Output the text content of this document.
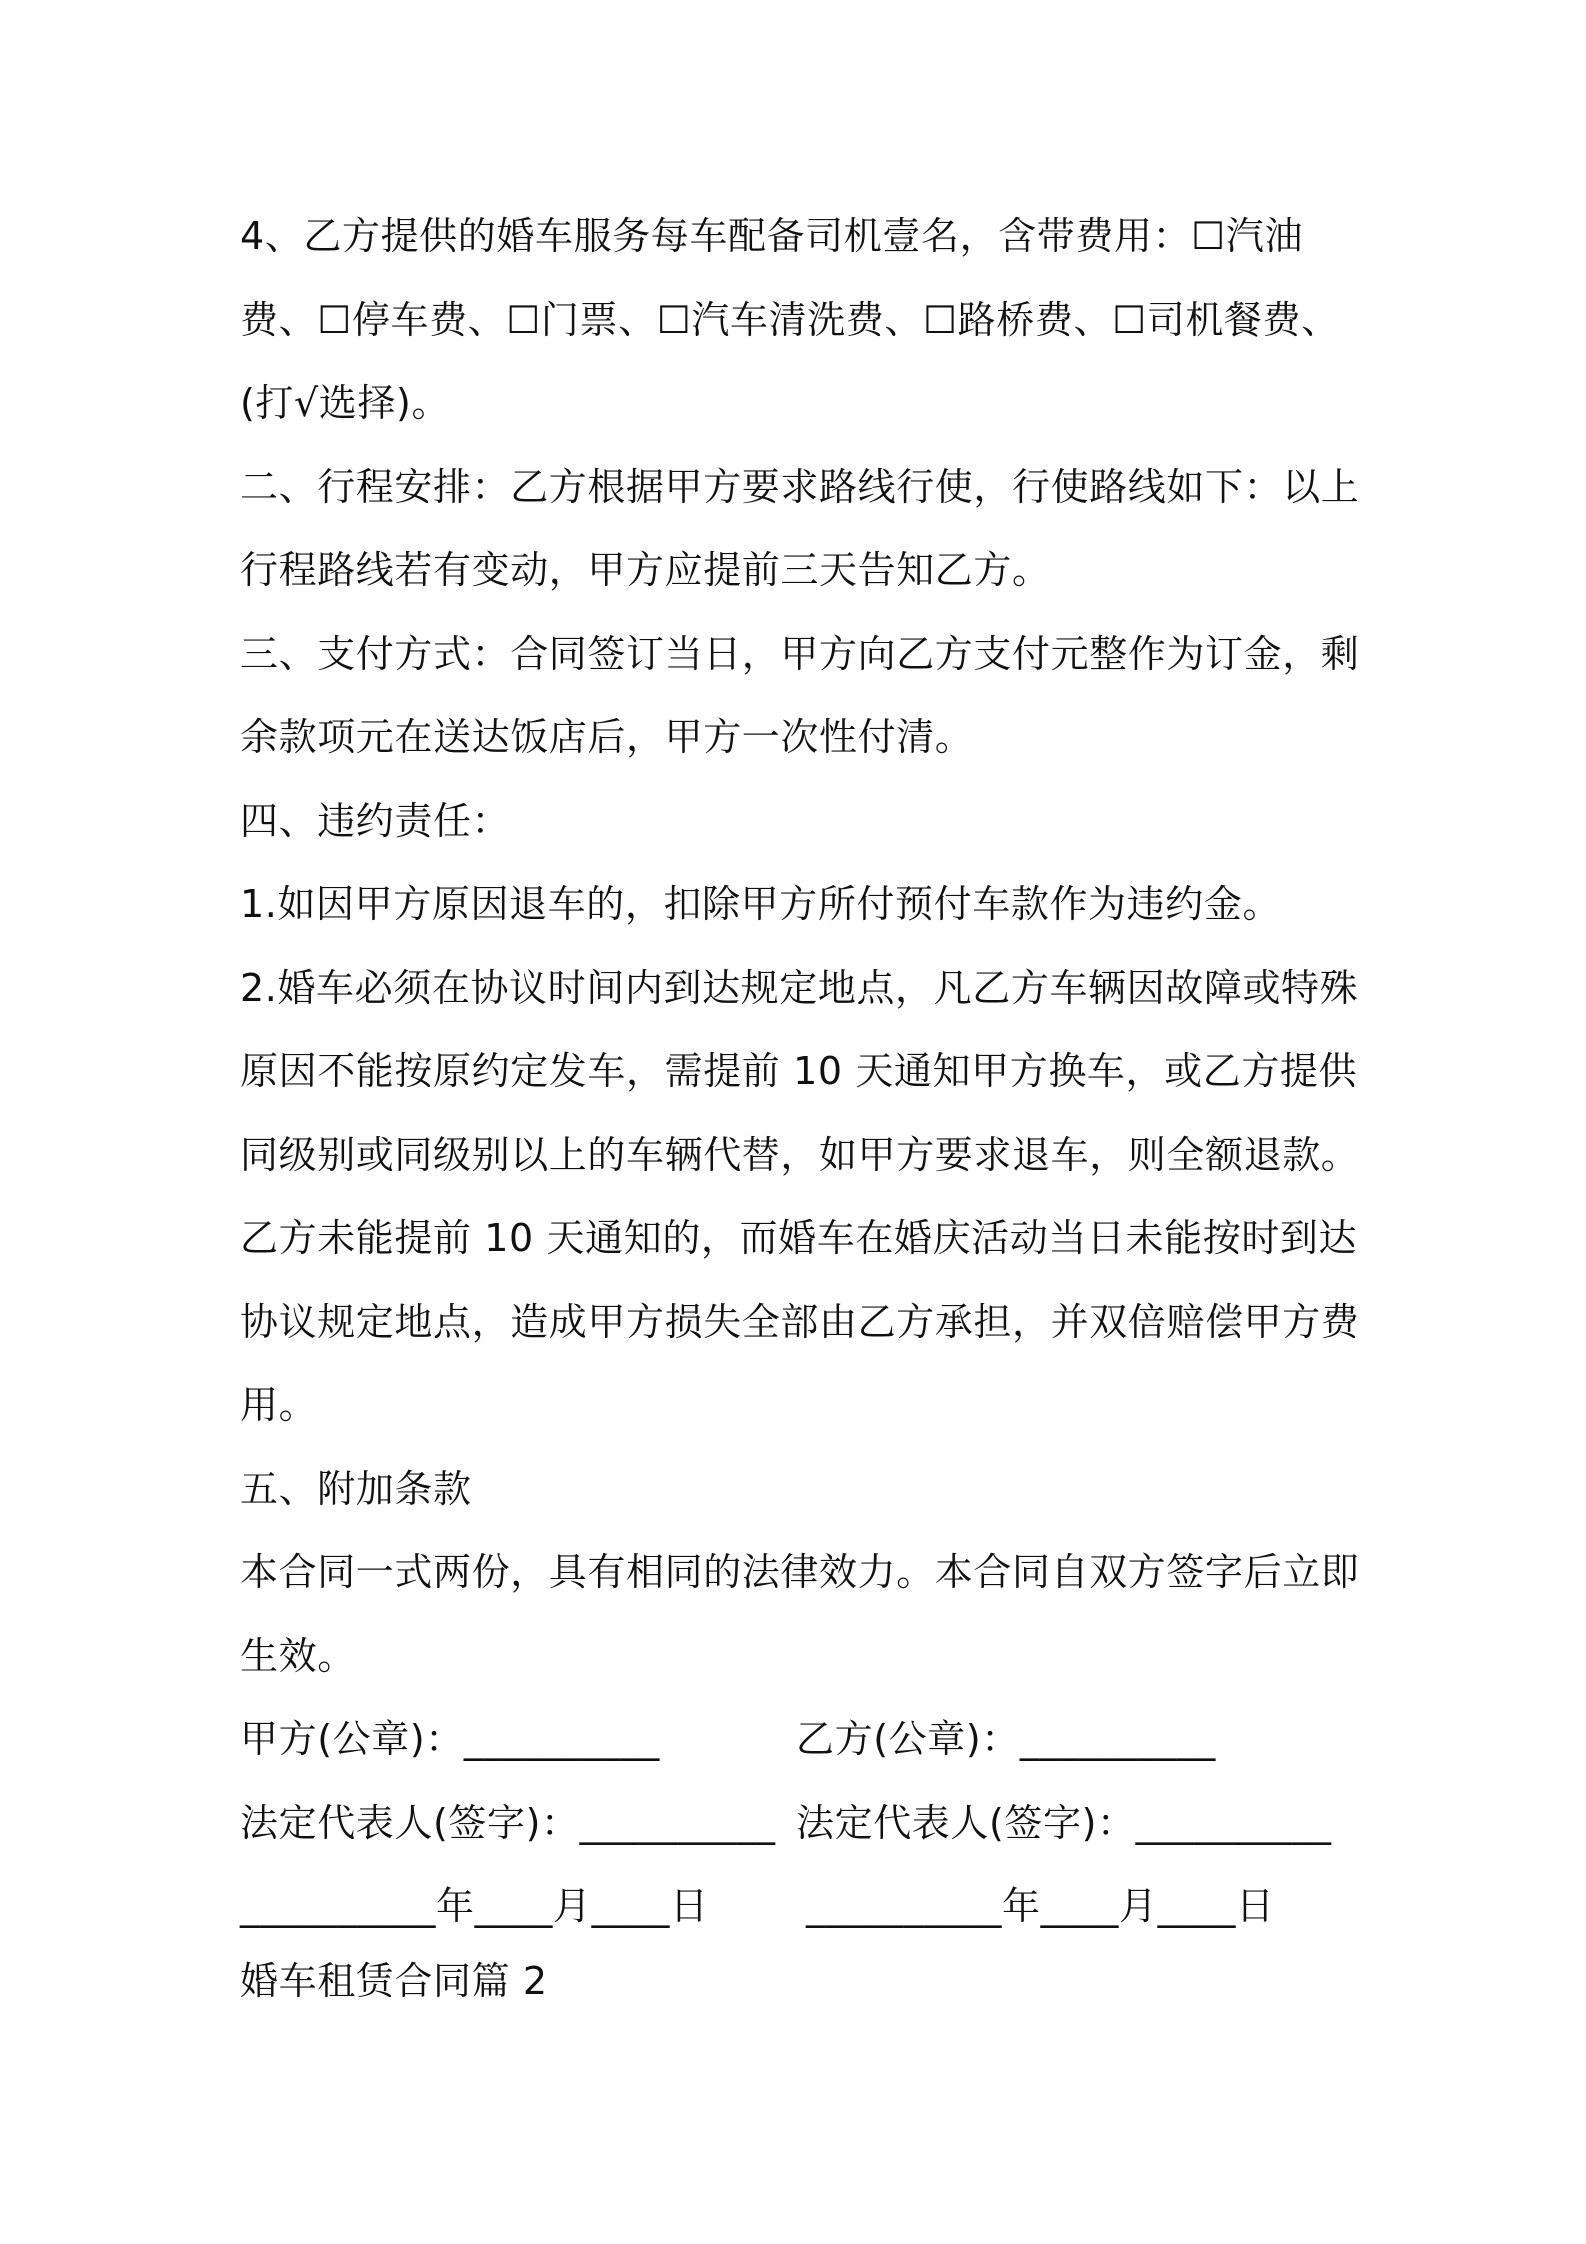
4、乙方提供的婚车服务每车配备司机壹名，含带费用：☐汽油费、☐停车费、☐门票、☐汽车清洗费、☐路桥费、☐司机餐费、(打√选择)。

二、行程安排：乙方根据甲方要求路线行使，行使路线如下：以上行程路线若有变动，甲方应提前三天告知乙方。

三、支付方式：合同签订当日，甲方向乙方支付元整作为订金，剩余款项元在送达饭店后，甲方一次性付清。

四、违约责任：

1.如因甲方原因退车的，扣除甲方所付预付车款作为违约金。

2.婚车必须在协议时间内到达规定地点，凡乙方车辆因故障或特殊原因不能按原约定发车，需提前 10 天通知甲方换车，或乙方提供同级别或同级别以上的车辆代替，如甲方要求退车，则全额退款。乙方未能提前 10 天通知的，而婚车在婚庆活动当日未能按时到达协议规定地点，造成甲方损失全部由乙方承担，并双倍赔偿甲方费用。

五、附加条款

本合同一式两份，具有相同的法律效力。本合同自双方签字后立即生效。

甲方(公章)：__________	乙方(公章)：__________
法定代表人(签字)：__________ 法定代表人(签字)：__________
__________年____月____日	__________年____月____日

婚车租赁合同篇 2
